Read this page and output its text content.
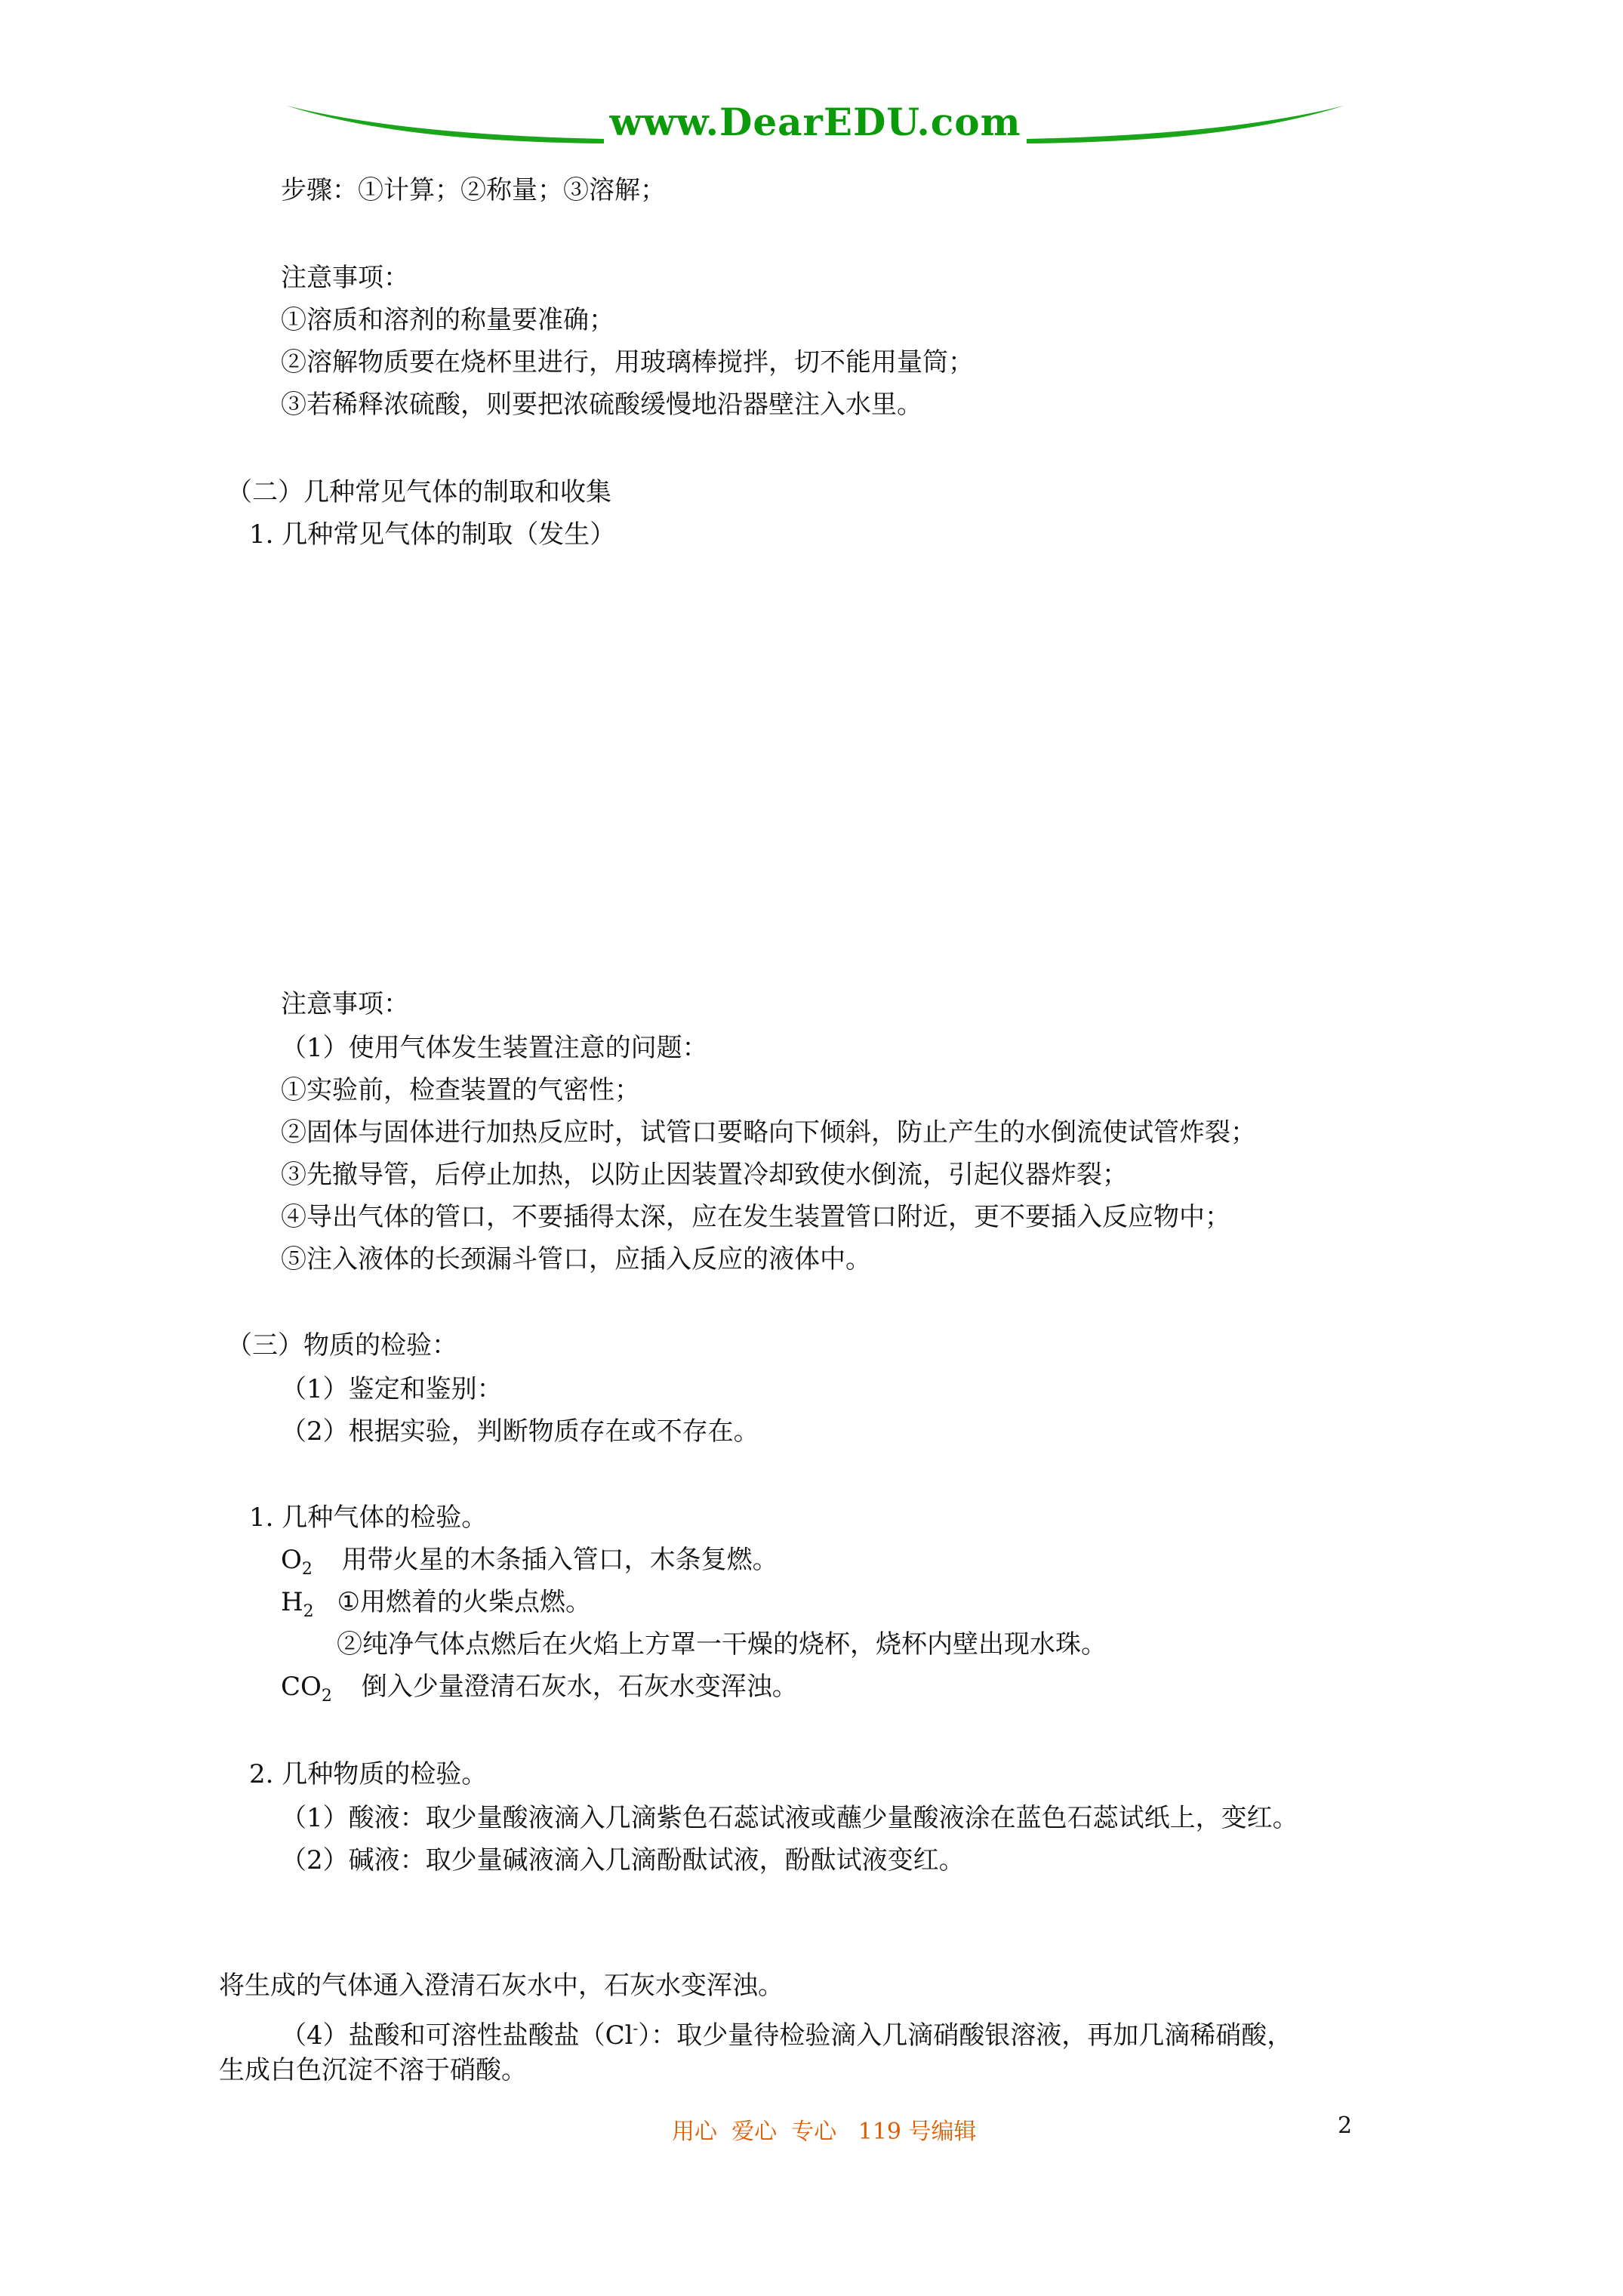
www.DearEDU.com
步骤：①计算；②称量；③溶解；
注意事项：
①溶质和溶剂的称量要准确；
②溶解物质要在烧杯里进行，用玻璃棒搅拌，切不能用量筒；
③若稀释浓硫酸，则要把浓硫酸缓慢地沿器壁注入水里。
（二）几种常见气体的制取和收集
1. 几种常见气体的制取（发生）
注意事项：
（1）使用气体发生装置注意的问题：
①实验前，检查装置的气密性；
②固体与固体进行加热反应时，试管口要略向下倾斜，防止产生的水倒流使试管炸裂；
③先撤导管，后停止加热，以防止因装置冷却致使水倒流，引起仪器炸裂；
④导出气体的管口，不要插得太深，应在发生装置管口附近，更不要插入反应物中；
⑤注入液体的长颈漏斗管口，应插入反应的液体中。
（三）物质的检验：
（1）鉴定和鉴别：
（2）根据实验，判断物质存在或不存在。
1. 几种气体的检验。
$O_2$ 用带火星的木条插入管口，木条复燃。
$H_2$ ①用燃着的火柴点燃。
②纯净气体点燃后在火焰上方罩一干燥的烧杯，烧杯内壁出现水珠。
$CO_2$ 倒入少量澄清石灰水，石灰水变浑浊。
2. 几种物质的检验。
（1）酸液：取少量酸液滴入几滴紫色石蕊试液或蘸少量酸液涂在蓝色石蕊试纸上，变红。
（2）碱液：取少量碱液滴入几滴酚酞试液，酚酞试液变红。
将生成的气体通入澄清石灰水中，石灰水变浑浊。
（4）盐酸和可溶性盐酸盐（Cl-）：取少量待检验滴入几滴硝酸银溶液，再加几滴稀硝酸，
生成白色沉淀不溶于硝酸。
用心  爱心  专心   119 号编辑	2
